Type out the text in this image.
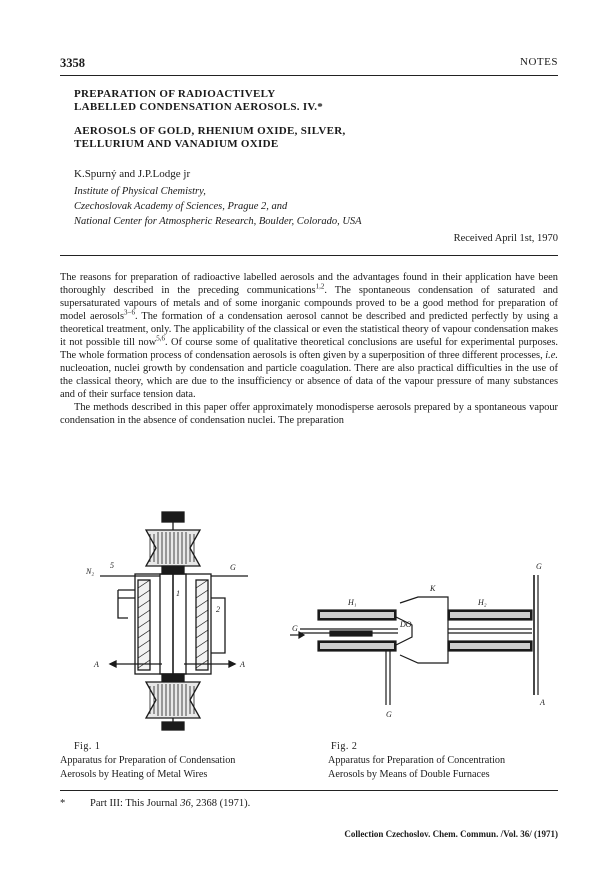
3358	NOTES
PREPARATION OF RADIOACTIVELY
LABELLED CONDENSATION AEROSOLS. IV.*
AEROSOLS OF GOLD, RHENIUM OXIDE, SILVER,
TELLURIUM AND VANADIUM OXIDE
K.Spurný and J.P.Lodge jr
Institute of Physical Chemistry,
Czechoslovak Academy of Sciences, Prague 2, and
National Center for Atmospheric Research, Boulder, Colorado, USA
Received April 1st, 1970

The reasons for preparation of radioactive labelled aerosols and the advantages found in their application have been thoroughly described in the preceding communications$^{1,2}$. The spontaneous condensation of saturated and supersaturated vapours of metals and of some inorganic compounds proved to be a good method for preparation of model aerosols$^{3-6}$. The formation of a condensation aerosol cannot be described and predicted perfectly by using a theoretical treatment, only. The applicability of the classical or even the statistical theory of vapour condensation makes it not possible till now$^{5,6}$. Of course some of qualitative theoretical conclusions are useful for experimental purposes. The whole formation process of condensation aerosols is often given by a superposition of three different processes, i.e. nucleoation, nuclei growth by condensation and particle coagulation. There are also practical difficulties in the use of the classical theory, which are due to the insufficiency or absence of data of the vapour pressure of many substances and of their surface tension data.

The methods described in this paper offer approximately monodisperse aerosols prepared by a spontaneous vapour condensation in the absence of condensation nuclei. The preparation

N₂
5	G
1
2
A	A
K
H₁	H₂
G	DO
G
G
A
Fig. 1
Apparatus for Preparation of Condensation
Aerosols by Heating of Metal Wires
Fig. 2
Apparatus for Preparation of Concentration
Aerosols by Means of Double Furnaces
* Part III: This Journal 36, 2368 (1971).
Collection Czechoslov. Chem. Commun. /Vol. 36/ (1971)
